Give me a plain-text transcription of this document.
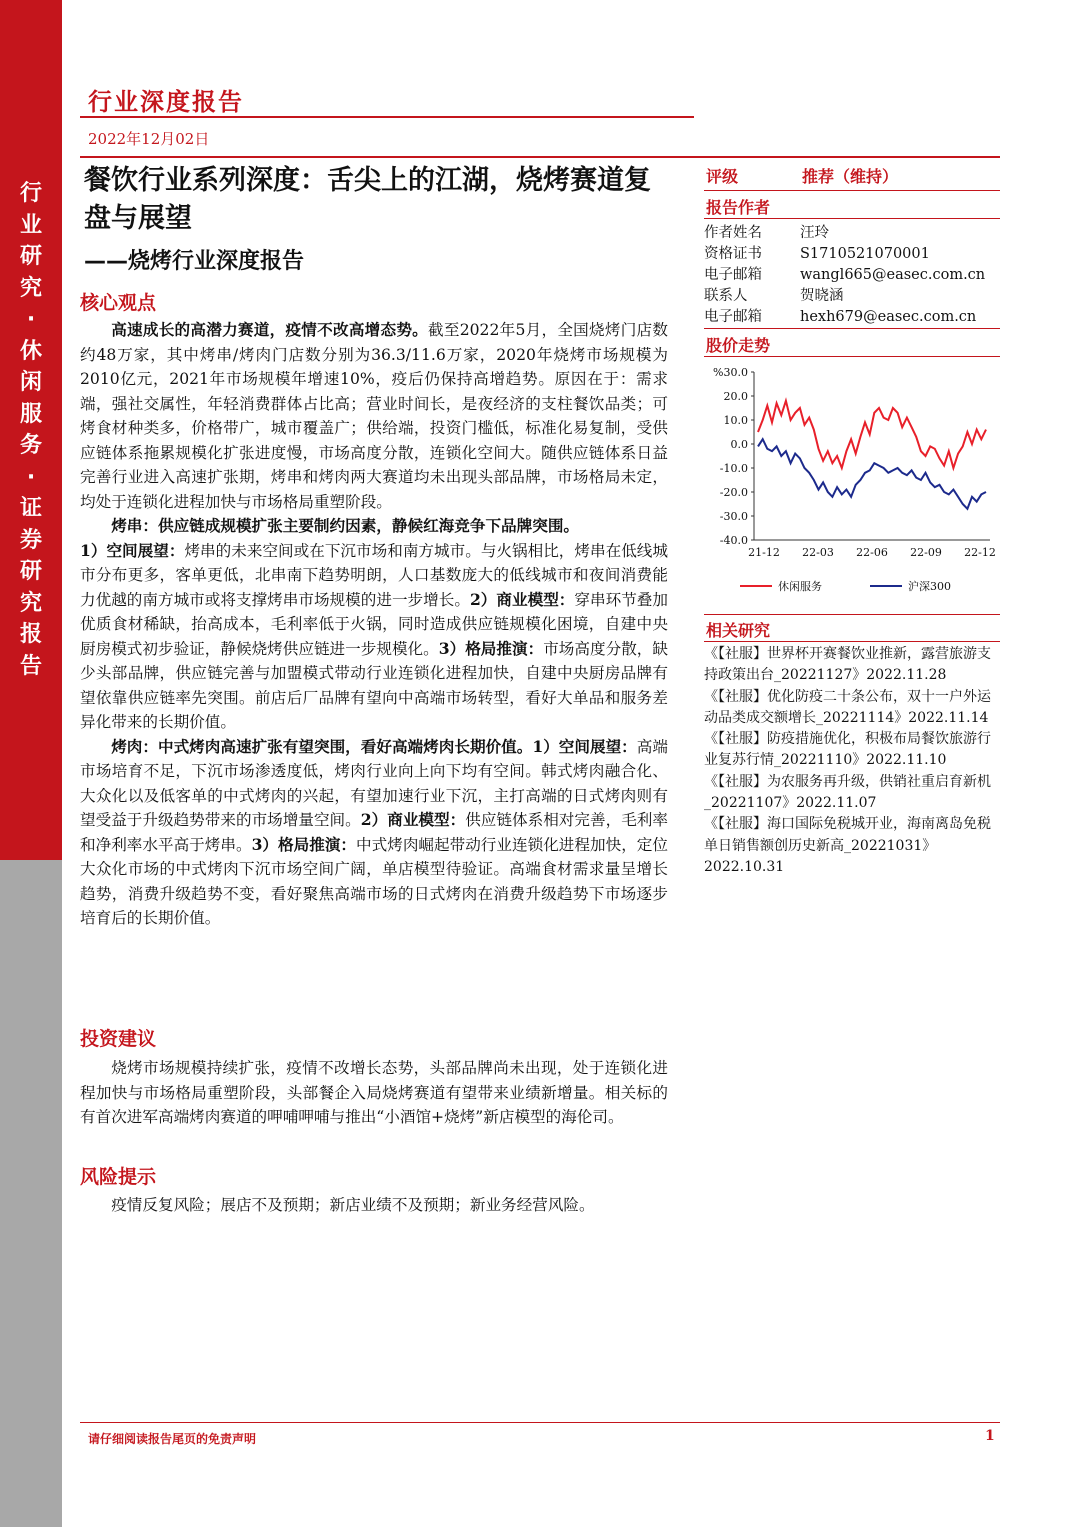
行
业
研
究
·
休
闲
服
务
·
证
券
研
究
报
告
行业深度报告
2022年12月02日
餐饮行业系列深度：舌尖上的江湖，烧烤赛道复盘与展望
——烧烤行业深度报告
核心观点

高速成长的高潜力赛道，疫情不改高增态势。截至2022年5月，全国烧烤门店数约48万家，其中烤串/烤肉门店数分别为36.3/11.6万家，2020年烧烤市场规模为2010亿元，2021年市场规模年增速10%，疫后仍保持高增趋势。原因在于：需求端，强社交属性，年轻消费群体占比高；营业时间长，是夜经济的支柱餐饮品类；可烤食材种类多，价格带广，城市覆盖广；供给端，投资门槛低，标准化易复制，受供应链体系拖累规模化扩张进度慢，市场高度分散，连锁化空间大。随供应链体系日益完善行业进入高速扩张期，烤串和烤肉两大赛道均未出现头部品牌，市场格局未定，均处于连锁化进程加快与市场格局重塑阶段。

烤串：供应链成规模扩张主要制约因素，静候红海竞争下品牌突围。

1）空间展望：烤串的未来空间或在下沉市场和南方城市。与火锅相比，烤串在低线城市分布更多，客单更低，北串南下趋势明朗，人口基数庞大的低线城市和夜间消费能力优越的南方城市或将支撑烤串市场规模的进一步增长。2）商业模型：穿串环节叠加优质食材稀缺，抬高成本，毛利率低于火锅，同时造成供应链规模化困境，自建中央厨房模式初步验证，静候烧烤供应链进一步规模化。3）格局推演：市场高度分散，缺少头部品牌，供应链完善与加盟模式带动行业连锁化进程加快，自建中央厨房品牌有望依靠供应链率先突围。前店后厂品牌有望向中高端市场转型，看好大单品和服务差异化带来的长期价值。

烤肉：中式烤肉高速扩张有望突围，看好高端烤肉长期价值。1）空间展望：高端市场培育不足，下沉市场渗透度低，烤肉行业向上向下均有空间。韩式烤肉融合化、大众化以及低客单的中式烤肉的兴起，有望加速行业下沉，主打高端的日式烤肉则有望受益于升级趋势带来的市场增量空间。2）商业模型：供应链体系相对完善，毛利率和净利率水平高于烤串。3）格局推演：中式烤肉崛起带动行业连锁化进程加快，定位大众化市场的中式烤肉下沉市场空间广阔，单店模型待验证。高端食材需求量呈增长趋势，消费升级趋势不变，看好聚焦高端市场的日式烤肉在消费升级趋势下市场逐步培育后的长期价值。

投资建议

烧烤市场规模持续扩张，疫情不改增长态势，头部品牌尚未出现，处于连锁化进程加快与市场格局重塑阶段，头部餐企入局烧烤赛道有望带来业绩新增量。相关标的有首次进军高端烤肉赛道的呷哺呷哺与推出“小酒馆+烧烤”新店模型的海伦司。

风险提示

疫情反复风险；展店不及预期；新店业绩不及预期；新业务经营风险。

评级	推荐（维持）
报告作者
作者姓名	汪玲
资格证书	S1710521070001
电子邮箱	wangl665@easec.com.cn
联系人	贺晓涵
电子邮箱	hexh679@easec.com.cn
股价走势
%30.0
20.0
10.0
0.0
-10.0
-20.0
-30.0
-40.0
21-12 22-03 22-06 22-09 22-12
休闲服务	沪深300
相关研究

《【社服】世界杯开赛餐饮业推新，露营旅游支持政策出台_20221127》2022.11.28

《【社服】优化防疫二十条公布，双十一户外运动品类成交额增长_20221114》2022.11.14

《【社服】防疫措施优化，积极布局餐饮旅游行业复苏行情_20221110》2022.11.10

《【社服】为农服务再升级，供销社重启育新机_20221107》2022.11.07

《【社服】海口国际免税城开业，海南离岛免税单日销售额创历史新高_20221031》2022.10.31

请仔细阅读报告尾页的免责声明	1
